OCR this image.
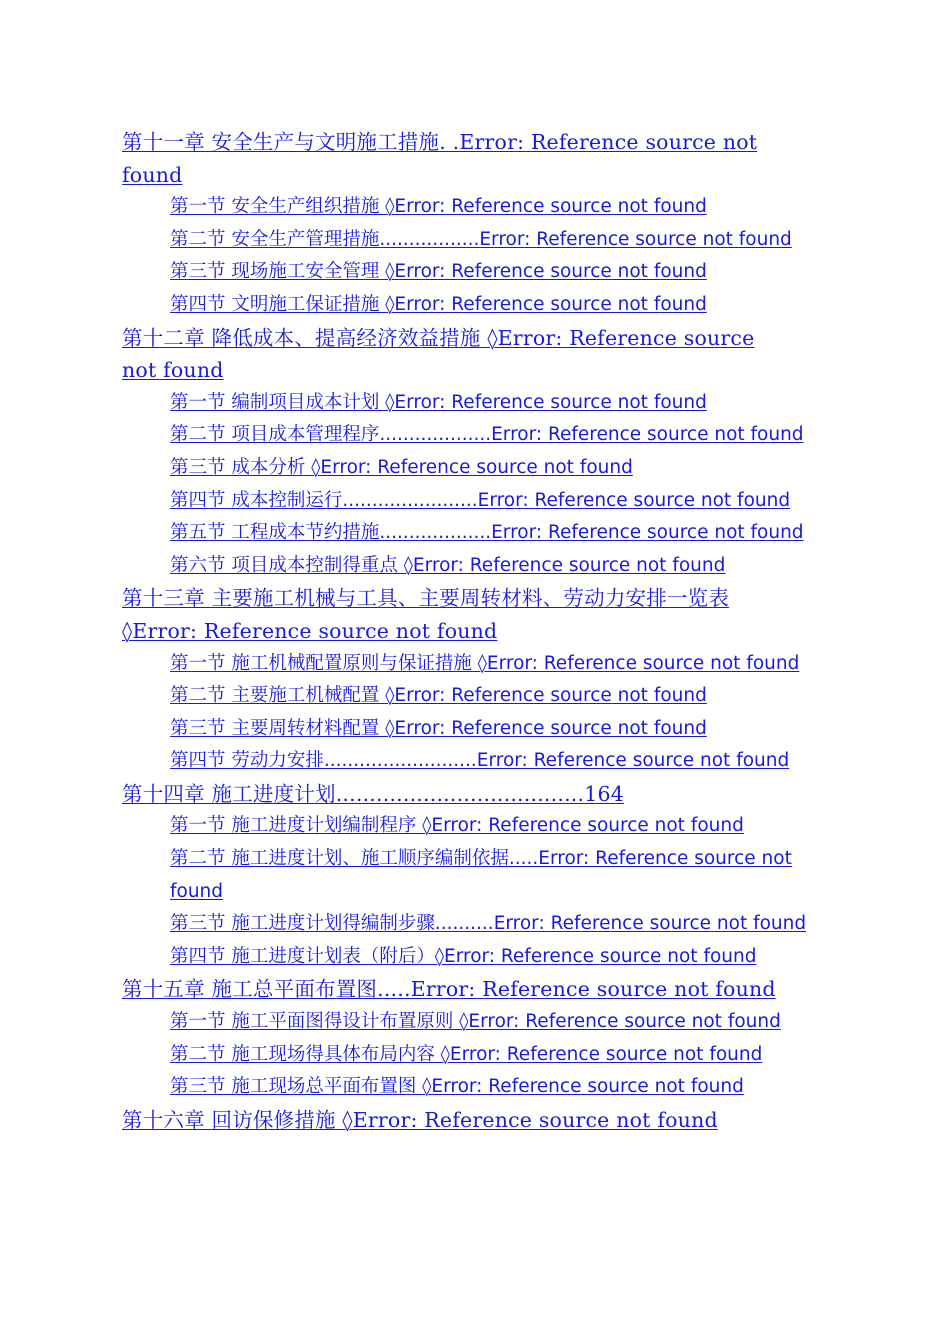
第十一章 安全生产与文明施工措施. .Error: Reference source not
found
第一节 安全生产组织措施 ◊Error: Reference source not found
第二节 安全生产管理措施.................Error: Reference source not found
第三节 现场施工安全管理 ◊Error: Reference source not found
第四节 文明施工保证措施 ◊Error: Reference source not found
第十二章 降低成本、提高经济效益措施 ◊Error: Reference source
not found
第一节 编制项目成本计划 ◊Error: Reference source not found
第二节 项目成本管理程序...................Error: Reference source not found
第三节 成本分析 ◊Error: Reference source not found
第四节 成本控制运行.......................Error: Reference source not found
第五节 工程成本节约措施...................Error: Reference source not found
第六节 项目成本控制得重点 ◊Error: Reference source not found
第十三章 主要施工机械与工具、主要周转材料、劳动力安排一览表
◊Error: Reference source not found
第一节 施工机械配置原则与保证措施 ◊Error: Reference source not found
第二节 主要施工机械配置 ◊Error: Reference source not found
第三节 主要周转材料配置 ◊Error: Reference source not found
第四节 劳动力安排..........................Error: Reference source not found
第十四章 施工进度计划.....................................164
第一节 施工进度计划编制程序 ◊Error: Reference source not found
第二节 施工进度计划、施工顺序编制依据.....Error: Reference source not
found
第三节 施工进度计划得编制步骤..........Error: Reference source not found
第四节 施工进度计划表（附后）◊Error: Reference source not found
第十五章 施工总平面布置图.....Error: Reference source not found
第一节 施工平面图得设计布置原则 ◊Error: Reference source not found
第二节 施工现场得具体布局内容 ◊Error: Reference source not found
第三节 施工现场总平面布置图 ◊Error: Reference source not found
第十六章 回访保修措施 ◊Error: Reference source not found
